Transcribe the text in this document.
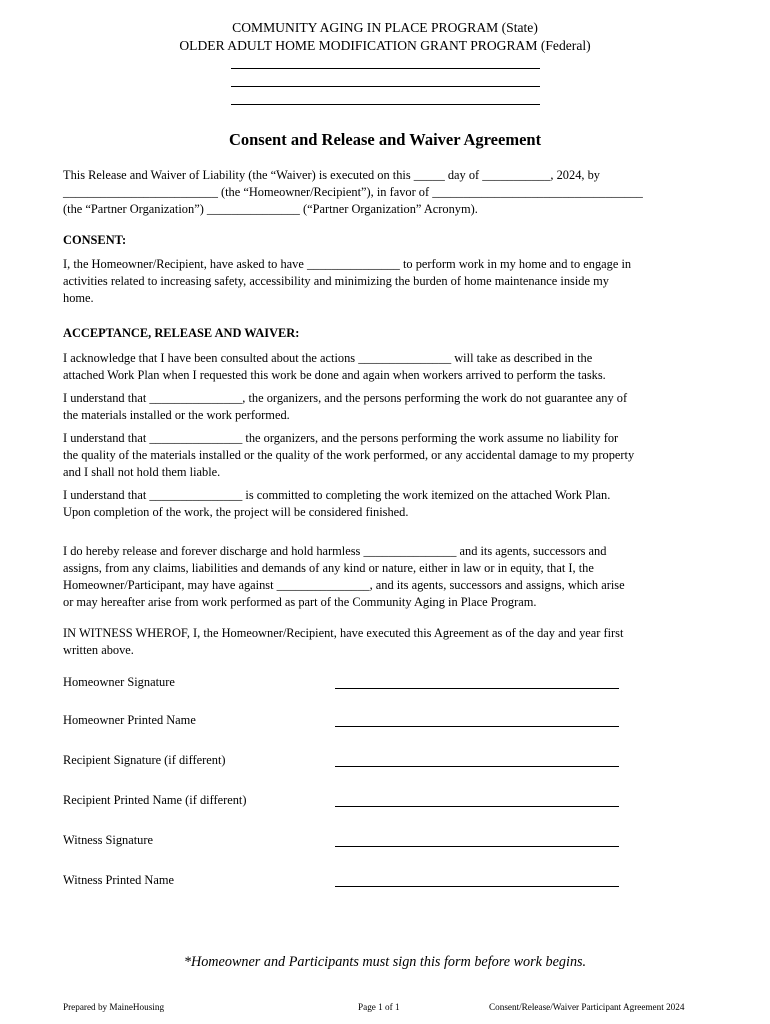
COMMUNITY AGING IN PLACE PROGRAM (State)
OLDER ADULT HOME MODIFICATION GRANT PROGRAM (Federal)
Consent and Release and Waiver Agreement
This Release and Waiver of Liability (the “Waiver) is executed on this _____ day of ___________, 2024, by
_________________________ (the “Homeowner/Recipient”), in favor of __________________________________
(the “Partner Organization”) _______________ (“Partner Organization” Acronym).
CONSENT:
I, the Homeowner/Recipient, have asked to have _______________ to perform work in my home and to engage in
activities related to increasing safety, accessibility and minimizing the burden of home maintenance inside my
home.
ACCEPTANCE, RELEASE AND WAIVER:
I acknowledge that I have been consulted about the actions _______________ will take as described in the
attached Work Plan when I requested this work be done and again when workers arrived to perform the tasks.
I understand that _______________, the organizers, and the persons performing the work do not guarantee any of
the materials installed or the work performed.
I understand that _______________ the organizers, and the persons performing the work assume no liability for
the quality of the materials installed or the quality of the work performed, or any accidental damage to my property
and I shall not hold them liable.
I understand that _______________ is committed to completing the work itemized on the attached Work Plan.
Upon completion of the work, the project will be considered finished.
I do hereby release and forever discharge and hold harmless _______________ and its agents, successors and
assigns, from any claims, liabilities and demands of any kind or nature, either in law or in equity, that I, the
Homeowner/Participant, may have against _______________, and its agents, successors and assigns, which arise
or may hereafter arise from work performed as part of the Community Aging in Place Program.
IN WITNESS WHEROF, I, the Homeowner/Recipient, have executed this Agreement as of the day and year first
written above.
Homeowner Signature
Homeowner Printed Name
Recipient Signature (if different)
Recipient Printed Name (if different)
Witness Signature
Witness Printed Name
*Homeowner and Participants must sign this form before work begins.
Prepared by MaineHousing	Page 1 of 1	Consent/Release/Waiver Participant Agreement 2024
